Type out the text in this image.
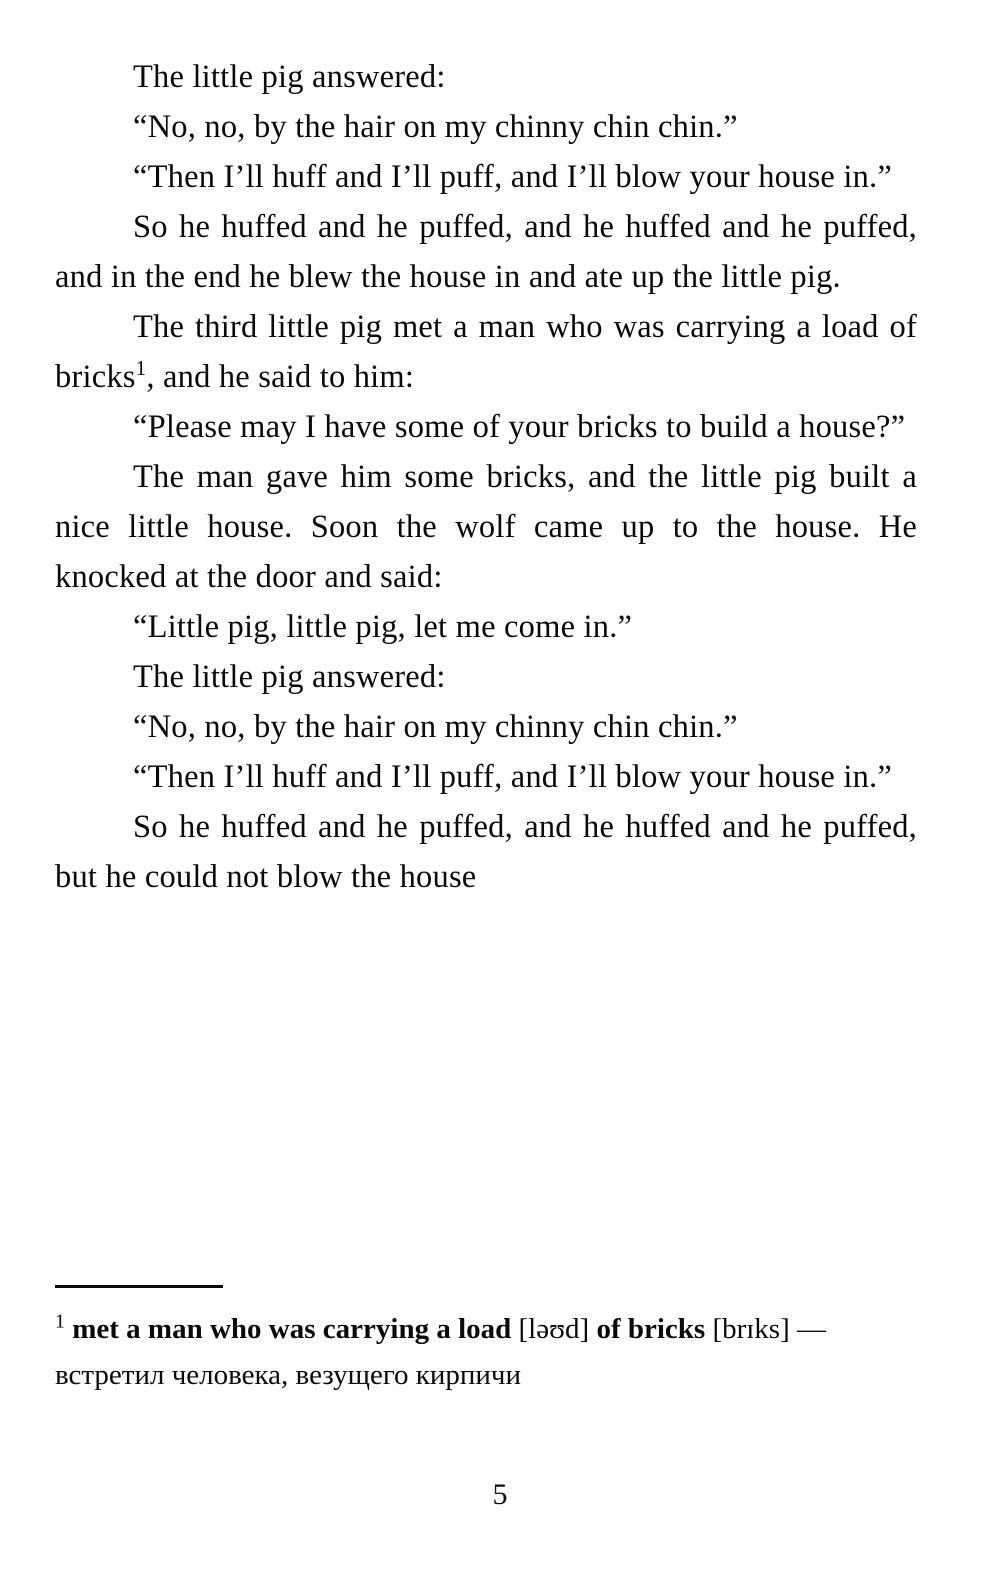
The little pig answered:

“No, no, by the hair on my chinny chin chin.”

“Then I’ll huff and I’ll puff, and I’ll blow your house in.”

So he huffed and he puffed, and he huffed and he puffed, and in the end he blew the house in and ate up the little pig.

The third little pig met a man who was carrying a load of bricks$^1$, and he said to him:

“Please may I have some of your bricks to build a house?”

The man gave him some bricks, and the little pig built a nice little house. Soon the wolf came up to the house. He knocked at the door and said:

“Little pig, little pig, let me come in.”

The little pig answered:

“No, no, by the hair on my chinny chin chin.”

“Then I’ll huff and I’ll puff, and I’ll blow your house in.”

So he huffed and he puffed, and he huffed and he puffed, but he could not blow the house

$^1$ met a man who was carrying a load [ləʊd] of bricks [brɪks] — встретил человека, везущего кирпичи
5
